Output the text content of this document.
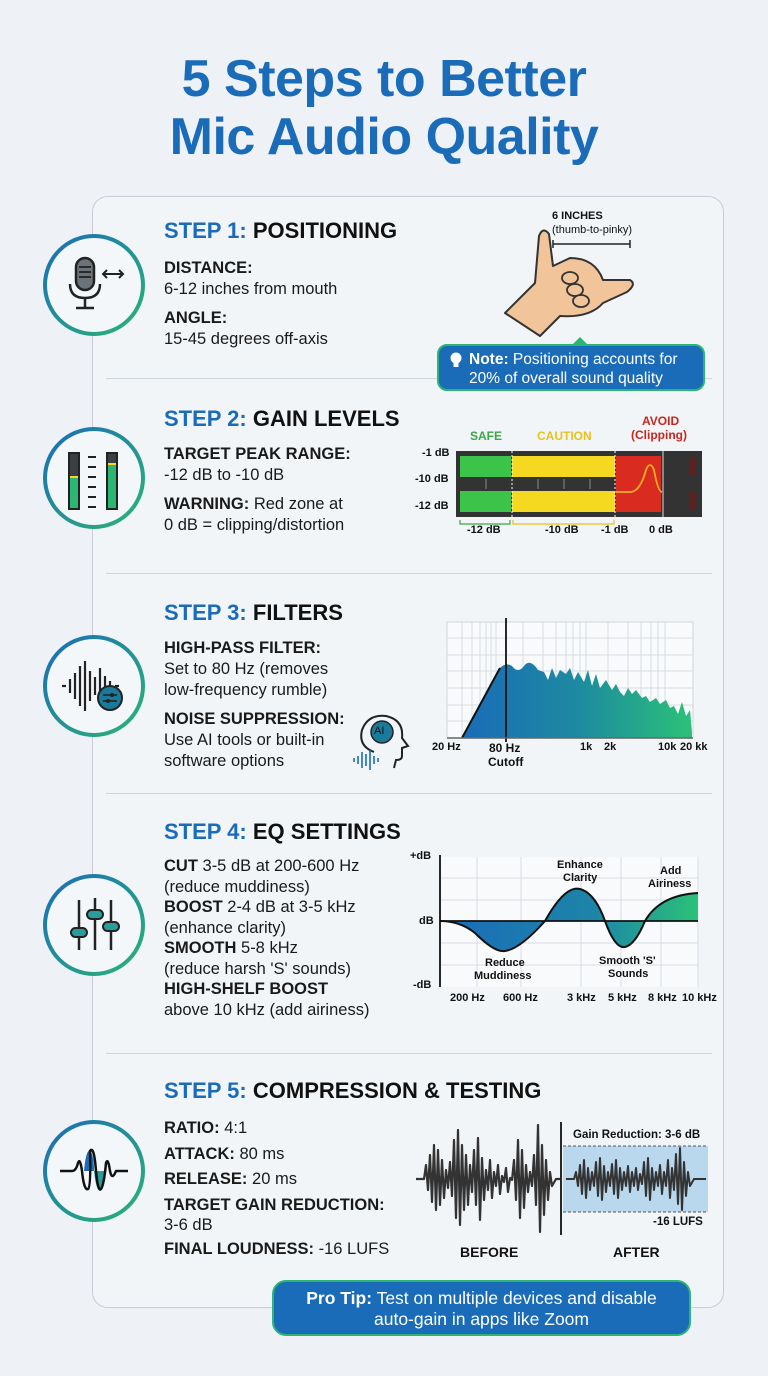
5 Steps to Better
Mic Audio Quality
STEP 1: POSITIONING
DISTANCE:
6-12 inches from mouth
ANGLE:
15-45 degrees off-axis
6 INCHES
(thumb-to-pinky)
Note: Positioning accounts for
20% of overall sound quality
STEP 2: GAIN LEVELS
TARGET PEAK RANGE:
-12 dB to -10 dB
WARNING: Red zone at
0 dB = clipping/distortion
SAFE	CAUTION
AVOID
(Clipping)
-1 dB
-10 dB
-12 dB
-12 dB	-10 dB -1 dB 0 dB
STEP 3: FILTERS
HIGH-PASS FILTER:
Set to 80 Hz (removes
low-frequency rumble)
NOISE SUPPRESSION:
Use AI tools or built-in
software options
AI
20 Hz 80 Hz
Cutoff
1k 2k	10k 20 kk
STEP 4: EQ SETTINGS
CUT 3-5 dB at 200-600 Hz
(reduce muddiness)
BOOST 2-4 dB at 3-5 kHz
(enhance clarity)
SMOOTH 5-8 kHz
(reduce harsh 'S' sounds)
HIGH-SHELF BOOST
above 10 kHz (add airiness)
+dB
dB
-dB
Enhance
Clarity
Add
Airiness
Reduce
Muddiness
Smooth 'S'
Sounds
200 Hz 600 Hz	3 kHz 5 kHz 8 kHz 10 kHz
STEP 5: COMPRESSION & TESTING
RATIO: 4:1
ATTACK: 80 ms
RELEASE: 20 ms
TARGET GAIN REDUCTION:
3-6 dB
FINAL LOUDNESS: -16 LUFS
Gain Reduction: 3-6 dB
-16 LUFS
BEFORE	AFTER
Pro Tip: Test on multiple devices and disable
auto-gain in apps like Zoom
